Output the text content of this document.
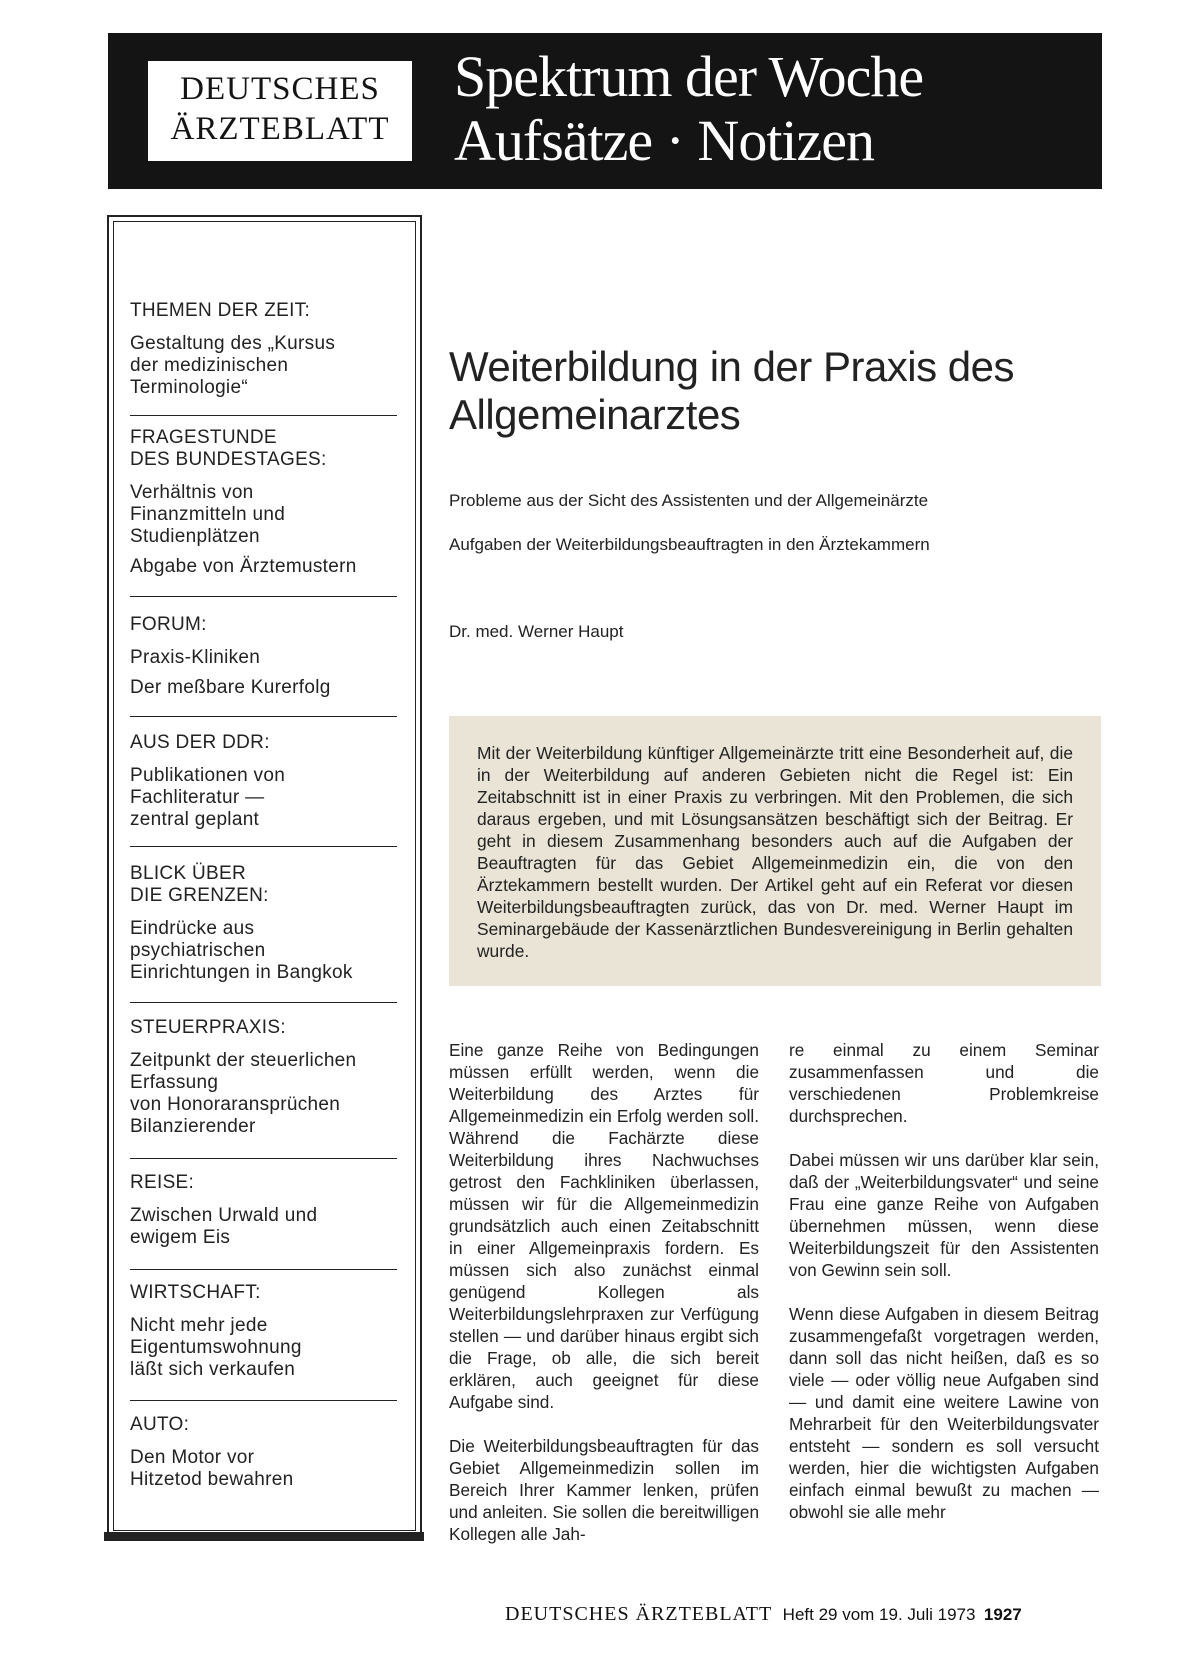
DEUTSCHES
ÄRZTEBLATT
Spektrum der Woche
Aufsätze · Notizen
THEMEN DER ZEIT:
Gestaltung des „Kursus
der medizinischen
Terminologie“
FRAGESTUNDE
DES BUNDESTAGES:
Verhältnis von
Finanzmitteln und
Studienplätzen
Abgabe von Ärztemustern
FORUM:
Praxis-Kliniken
Der meßbare Kurerfolg
AUS DER DDR:
Publikationen von
Fachliteratur —
zentral geplant
BLICK ÜBER
DIE GRENZEN:
Eindrücke aus
psychiatrischen
Einrichtungen in Bangkok
STEUERPRAXIS:
Zeitpunkt der steuerlichen
Erfassung
von Honoraransprüchen
Bilanzierender
REISE:
Zwischen Urwald und
ewigem Eis
WIRTSCHAFT:
Nicht mehr jede
Eigentumswohnung
läßt sich verkaufen
AUTO:
Den Motor vor
Hitzetod bewahren
Weiterbildung in der Praxis des Allgemeinarztes
Probleme aus der Sicht des Assistenten und der Allgemeinärzte
Aufgaben der Weiterbildungsbeauftragten in den Ärztekammern
Dr. med. Werner Haupt

Mit der Weiterbildung künftiger Allgemeinärzte tritt eine Besonderheit auf, die in der Weiterbildung auf anderen Gebieten nicht die Regel ist: Ein Zeitabschnitt ist in einer Praxis zu verbringen. Mit den Problemen, die sich daraus ergeben, und mit Lösungsansätzen beschäftigt sich der Beitrag. Er geht in diesem Zusammenhang besonders auch auf die Aufgaben der Beauftragten für das Gebiet Allgemeinmedizin ein, die von den Ärztekammern bestellt wurden. Der Artikel geht auf ein Referat vor diesen Weiterbildungsbeauftragten zurück, das von Dr. med. Werner Haupt im Seminargebäude der Kassenärztlichen Bundesvereinigung in Berlin gehalten wurde.

Eine ganze Reihe von Bedingungen müssen erfüllt werden, wenn die Weiterbildung des Arztes für Allgemeinmedizin ein Erfolg werden soll. Während die Fachärzte diese Weiterbildung ihres Nachwuchses getrost den Fachkliniken überlassen, müssen wir für die Allgemeinmedizin grundsätzlich auch einen Zeitabschnitt in einer Allgemeinpraxis fordern. Es müssen sich also zunächst einmal genügend Kollegen als Weiterbildungslehrpraxen zur Verfügung stellen — und darüber hinaus ergibt sich die Frage, ob alle, die sich bereit erklären, auch geeignet für diese Aufgabe sind.

Die Weiterbildungsbeauftragten für das Gebiet Allgemeinmedizin sollen im Bereich Ihrer Kammer lenken, prüfen und anleiten. Sie sollen die bereitwilligen Kollegen alle Jah-

re einmal zu einem Seminar zusammenfassen und die verschiedenen Problemkreise durchsprechen.

Dabei müssen wir uns darüber klar sein, daß der „Weiterbildungsvater“ und seine Frau eine ganze Reihe von Aufgaben übernehmen müssen, wenn diese Weiterbildungszeit für den Assistenten von Gewinn sein soll.

Wenn diese Aufgaben in diesem Beitrag zusammengefaßt vorgetragen werden, dann soll das nicht heißen, daß es so viele — oder völlig neue Aufgaben sind — und damit eine weitere Lawine von Mehrarbeit für den Weiterbildungsvater entsteht — sondern es soll versucht werden, hier die wichtigsten Aufgaben einfach einmal bewußt zu machen — obwohl sie alle mehr

DEUTSCHES ÄRZTEBLATT Heft 29 vom 19. Juli 1973 1927
